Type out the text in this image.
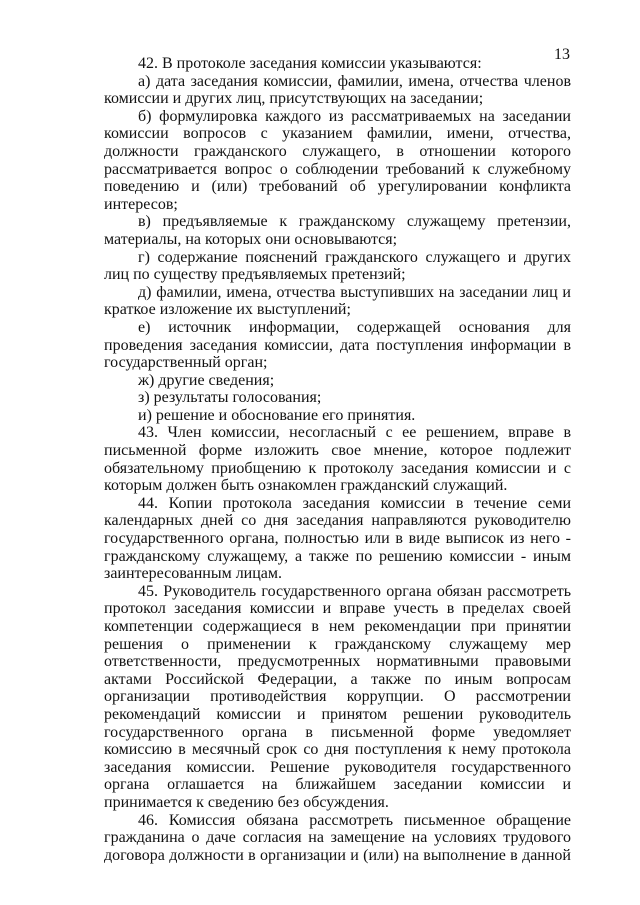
13

42. В протоколе заседания комиссии указываются:

а) дата заседания комиссии, фамилии, имена, отчества членов комиссии и других лиц, присутствующих на заседании;

б) формулировка каждого из рассматриваемых на заседании комиссии вопросов с указанием фамилии, имени, отчества, должности гражданского служащего, в отношении которого рассматривается вопрос о соблюдении требований к служебному поведению и (или) требований об урегулировании конфликта интересов;

в) предъявляемые к гражданскому служащему претензии, материалы, на которых они основываются;

г) содержание пояснений гражданского служащего и других лиц по существу предъявляемых претензий;

д) фамилии, имена, отчества выступивших на заседании лиц и краткое изложение их выступлений;

е) источник информации, содержащей основания для проведения заседания комиссии, дата поступления информации в государственный орган;

ж) другие сведения;

з) результаты голосования;

и) решение и обоснование его принятия.

43. Член комиссии, несогласный с ее решением, вправе в письменной форме изложить свое мнение, которое подлежит обязательному приобщению к протоколу заседания комиссии и с которым должен быть ознакомлен гражданский служащий.

44. Копии протокола заседания комиссии в течение семи календарных дней со дня заседания направляются руководителю государственного органа, полностью или в виде выписок из него - гражданскому служащему, а также по решению комиссии - иным заинтересованным лицам.

45. Руководитель государственного органа обязан рассмотреть протокол заседания комиссии и вправе учесть в пределах своей компетенции содержащиеся в нем рекомендации при принятии решения о применении к гражданскому служащему мер ответственности, предусмотренных нормативными правовыми актами Российской Федерации, а также по иным вопросам организации противодействия коррупции. О рассмотрении рекомендаций комиссии и принятом решении руководитель государственного органа в письменной форме уведомляет комиссию в месячный срок со дня поступления к нему протокола заседания комиссии. Решение руководителя государственного органа оглашается на ближайшем заседании комиссии и принимается к сведению без обсуждения.

46. Комиссия обязана рассмотреть письменное обращение гражданина о даче согласия на замещение на условиях трудового договора должности в организации и (или) на выполнение в данной
